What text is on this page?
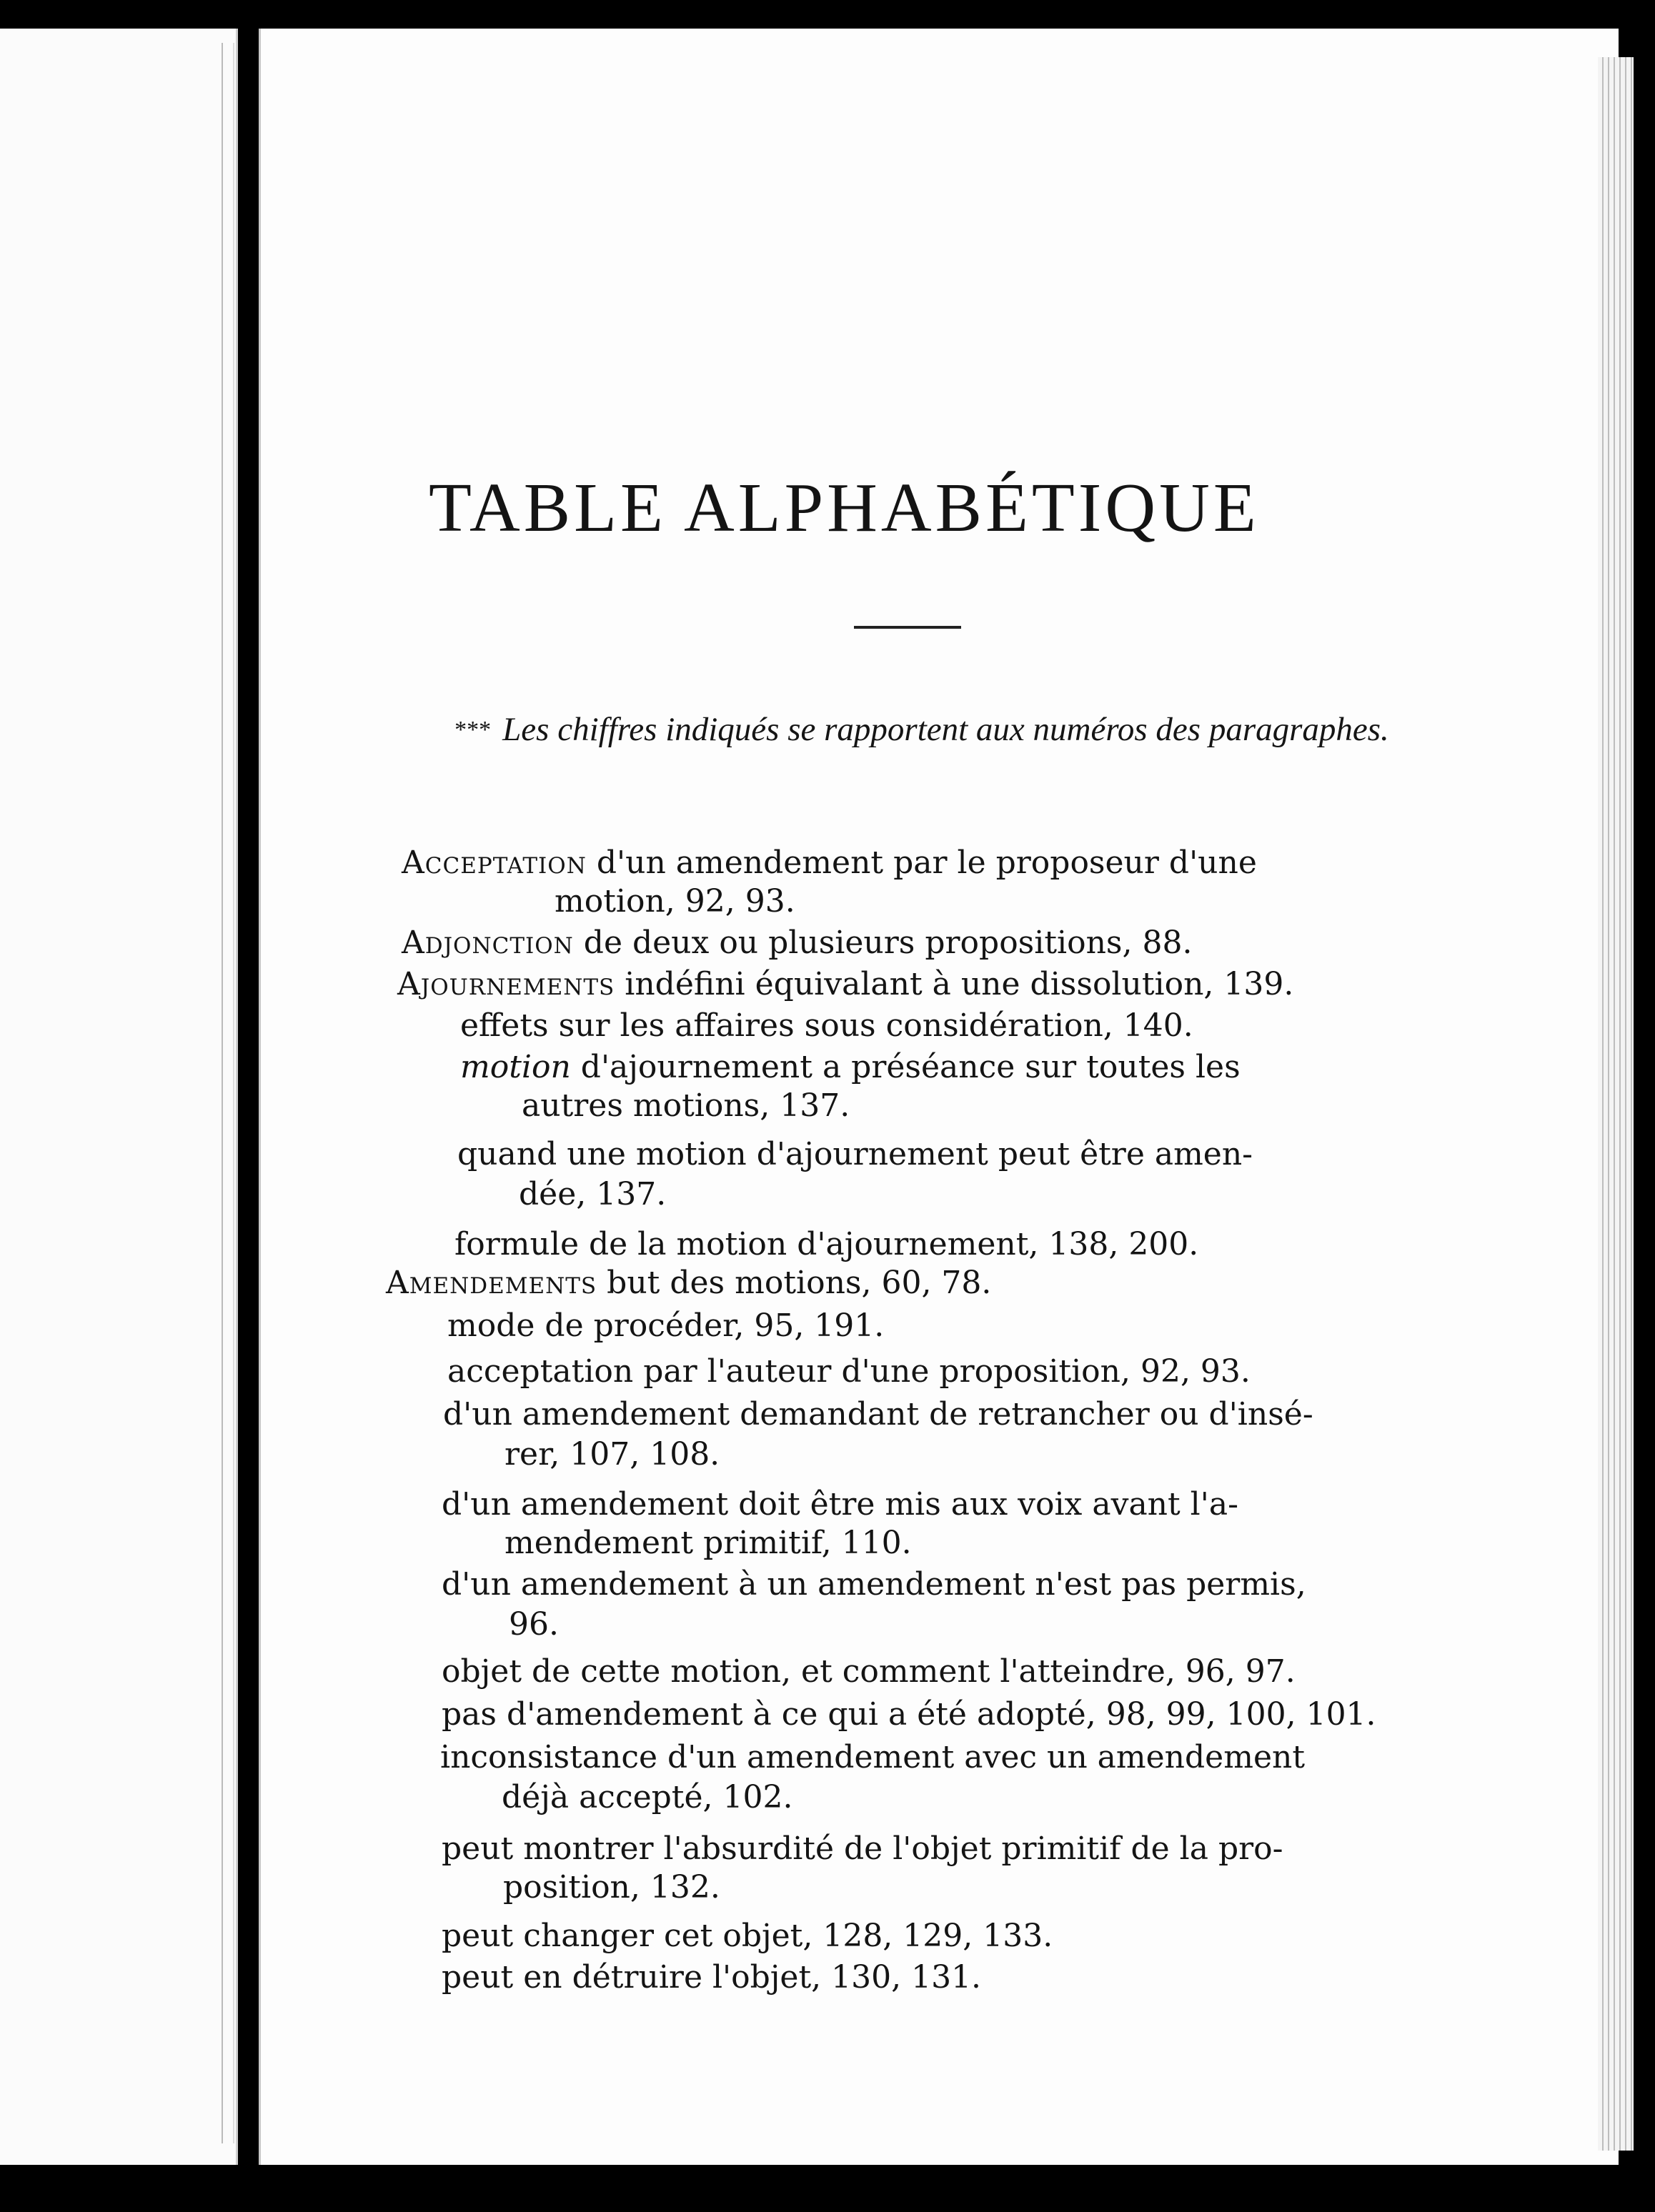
TABLE ALPHABÉTIQUE
*** Les chiffres indiqués se rapportent aux numéros des paragraphes.
Acceptation d'un amendement par le proposeur d'une
motion, 92, 93.
Adjonction de deux ou plusieurs propositions, 88.
Ajournements indéfini équivalant à une dissolution, 139.
effets sur les affaires sous considération, 140.
motion d'ajournement a préséance sur toutes les
autres motions, 137.
quand une motion d'ajournement peut être amen-
dée, 137.
formule de la motion d'ajournement, 138, 200.
Amendements but des motions, 60, 78.
mode de procéder, 95, 191.
acceptation par l'auteur d'une proposition, 92, 93.
d'un amendement demandant de retrancher ou d'insé-
rer, 107, 108.
d'un amendement doit être mis aux voix avant l'a-
mendement primitif, 110.
d'un amendement à un amendement n'est pas permis,
96.
objet de cette motion, et comment l'atteindre, 96, 97.
pas d'amendement à ce qui a été adopté, 98, 99, 100, 101.
inconsistance d'un amendement avec un amendement
déjà accepté, 102.
peut montrer l'absurdité de l'objet primitif de la pro-
position, 132.
peut changer cet objet, 128, 129, 133.
peut en détruire l'objet, 130, 131.
